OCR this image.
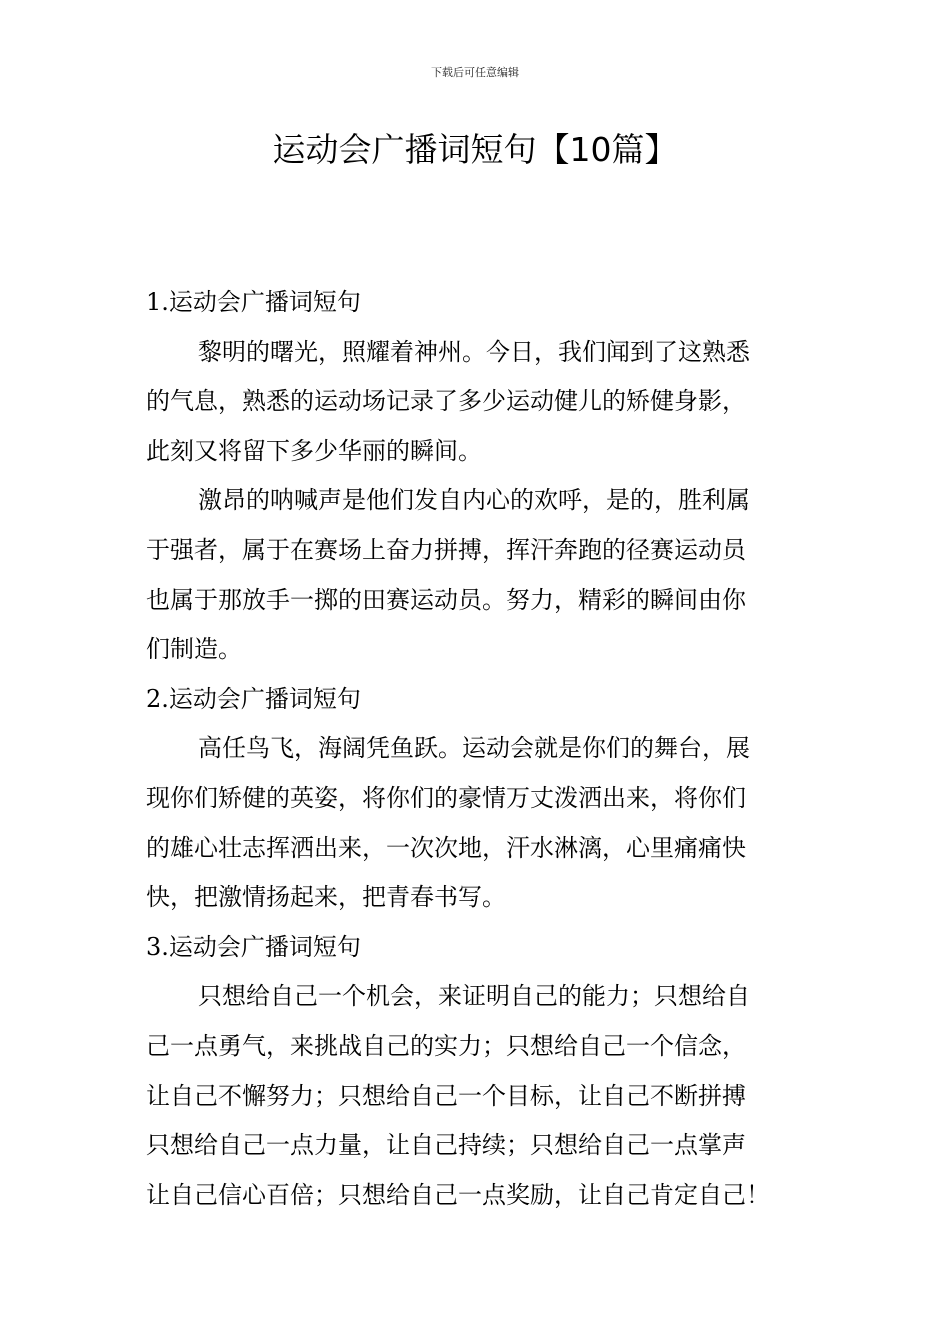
下载后可任意编辑
运动会广播词短句【10篇】
1.运动会广播词短句

黎明的曙光，照耀着神州。今日，我们闻到了这熟悉
的气息，熟悉的运动场记录了多少运动健儿的矫健身影，
此刻又将留下多少华丽的瞬间。

激昂的呐喊声是他们发自内心的欢呼，是的，胜利属
于强者，属于在赛场上奋力拼搏，挥汗奔跑的径赛运动员
也属于那放手一掷的田赛运动员。努力，精彩的瞬间由你
们制造。

2.运动会广播词短句

高任鸟飞，海阔凭鱼跃。运动会就是你们的舞台，展
现你们矫健的英姿，将你们的豪情万丈泼洒出来，将你们
的雄心壮志挥洒出来，一次次地，汗水淋漓，心里痛痛快
快，把激情扬起来，把青春书写。

3.运动会广播词短句

只想给自己一个机会，来证明自己的能力；只想给自
己一点勇气，来挑战自己的实力；只想给自己一个信念，
让自己不懈努力；只想给自己一个目标，让自己不断拼搏
只想给自己一点力量，让自己持续；只想给自己一点掌声
让自己信心百倍；只想给自己一点奖励，让自己肯定自己！
